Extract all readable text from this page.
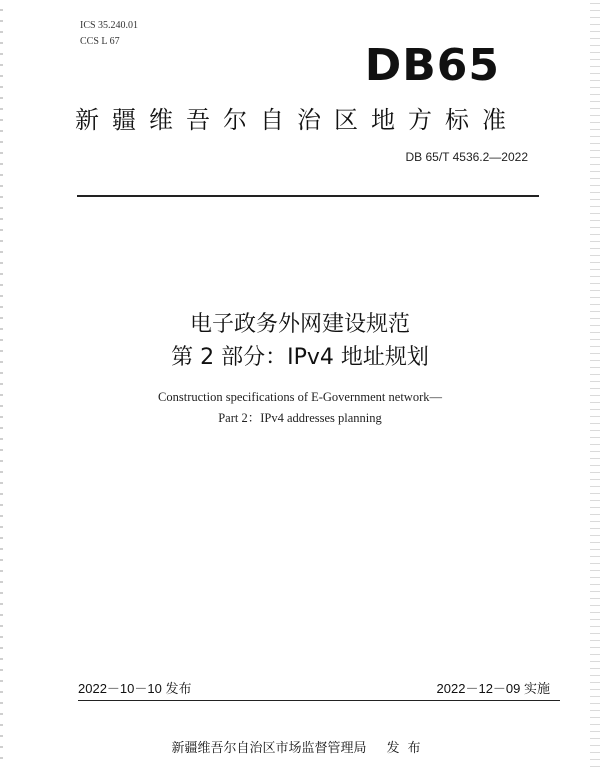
ICS 35.240.01
CCS L 67	DB65
新疆维吾尔自治区地方标准
DB 65/T 4536.2—2022
电子政务外网建设规范
第 2 部分：IPv4 地址规划
Construction specifications of E-Government network—
Part 2：IPv4 addresses planning
2022－10－10 发布	2022－12－09 实施
新疆维吾尔自治区市场监督管理局 发布
